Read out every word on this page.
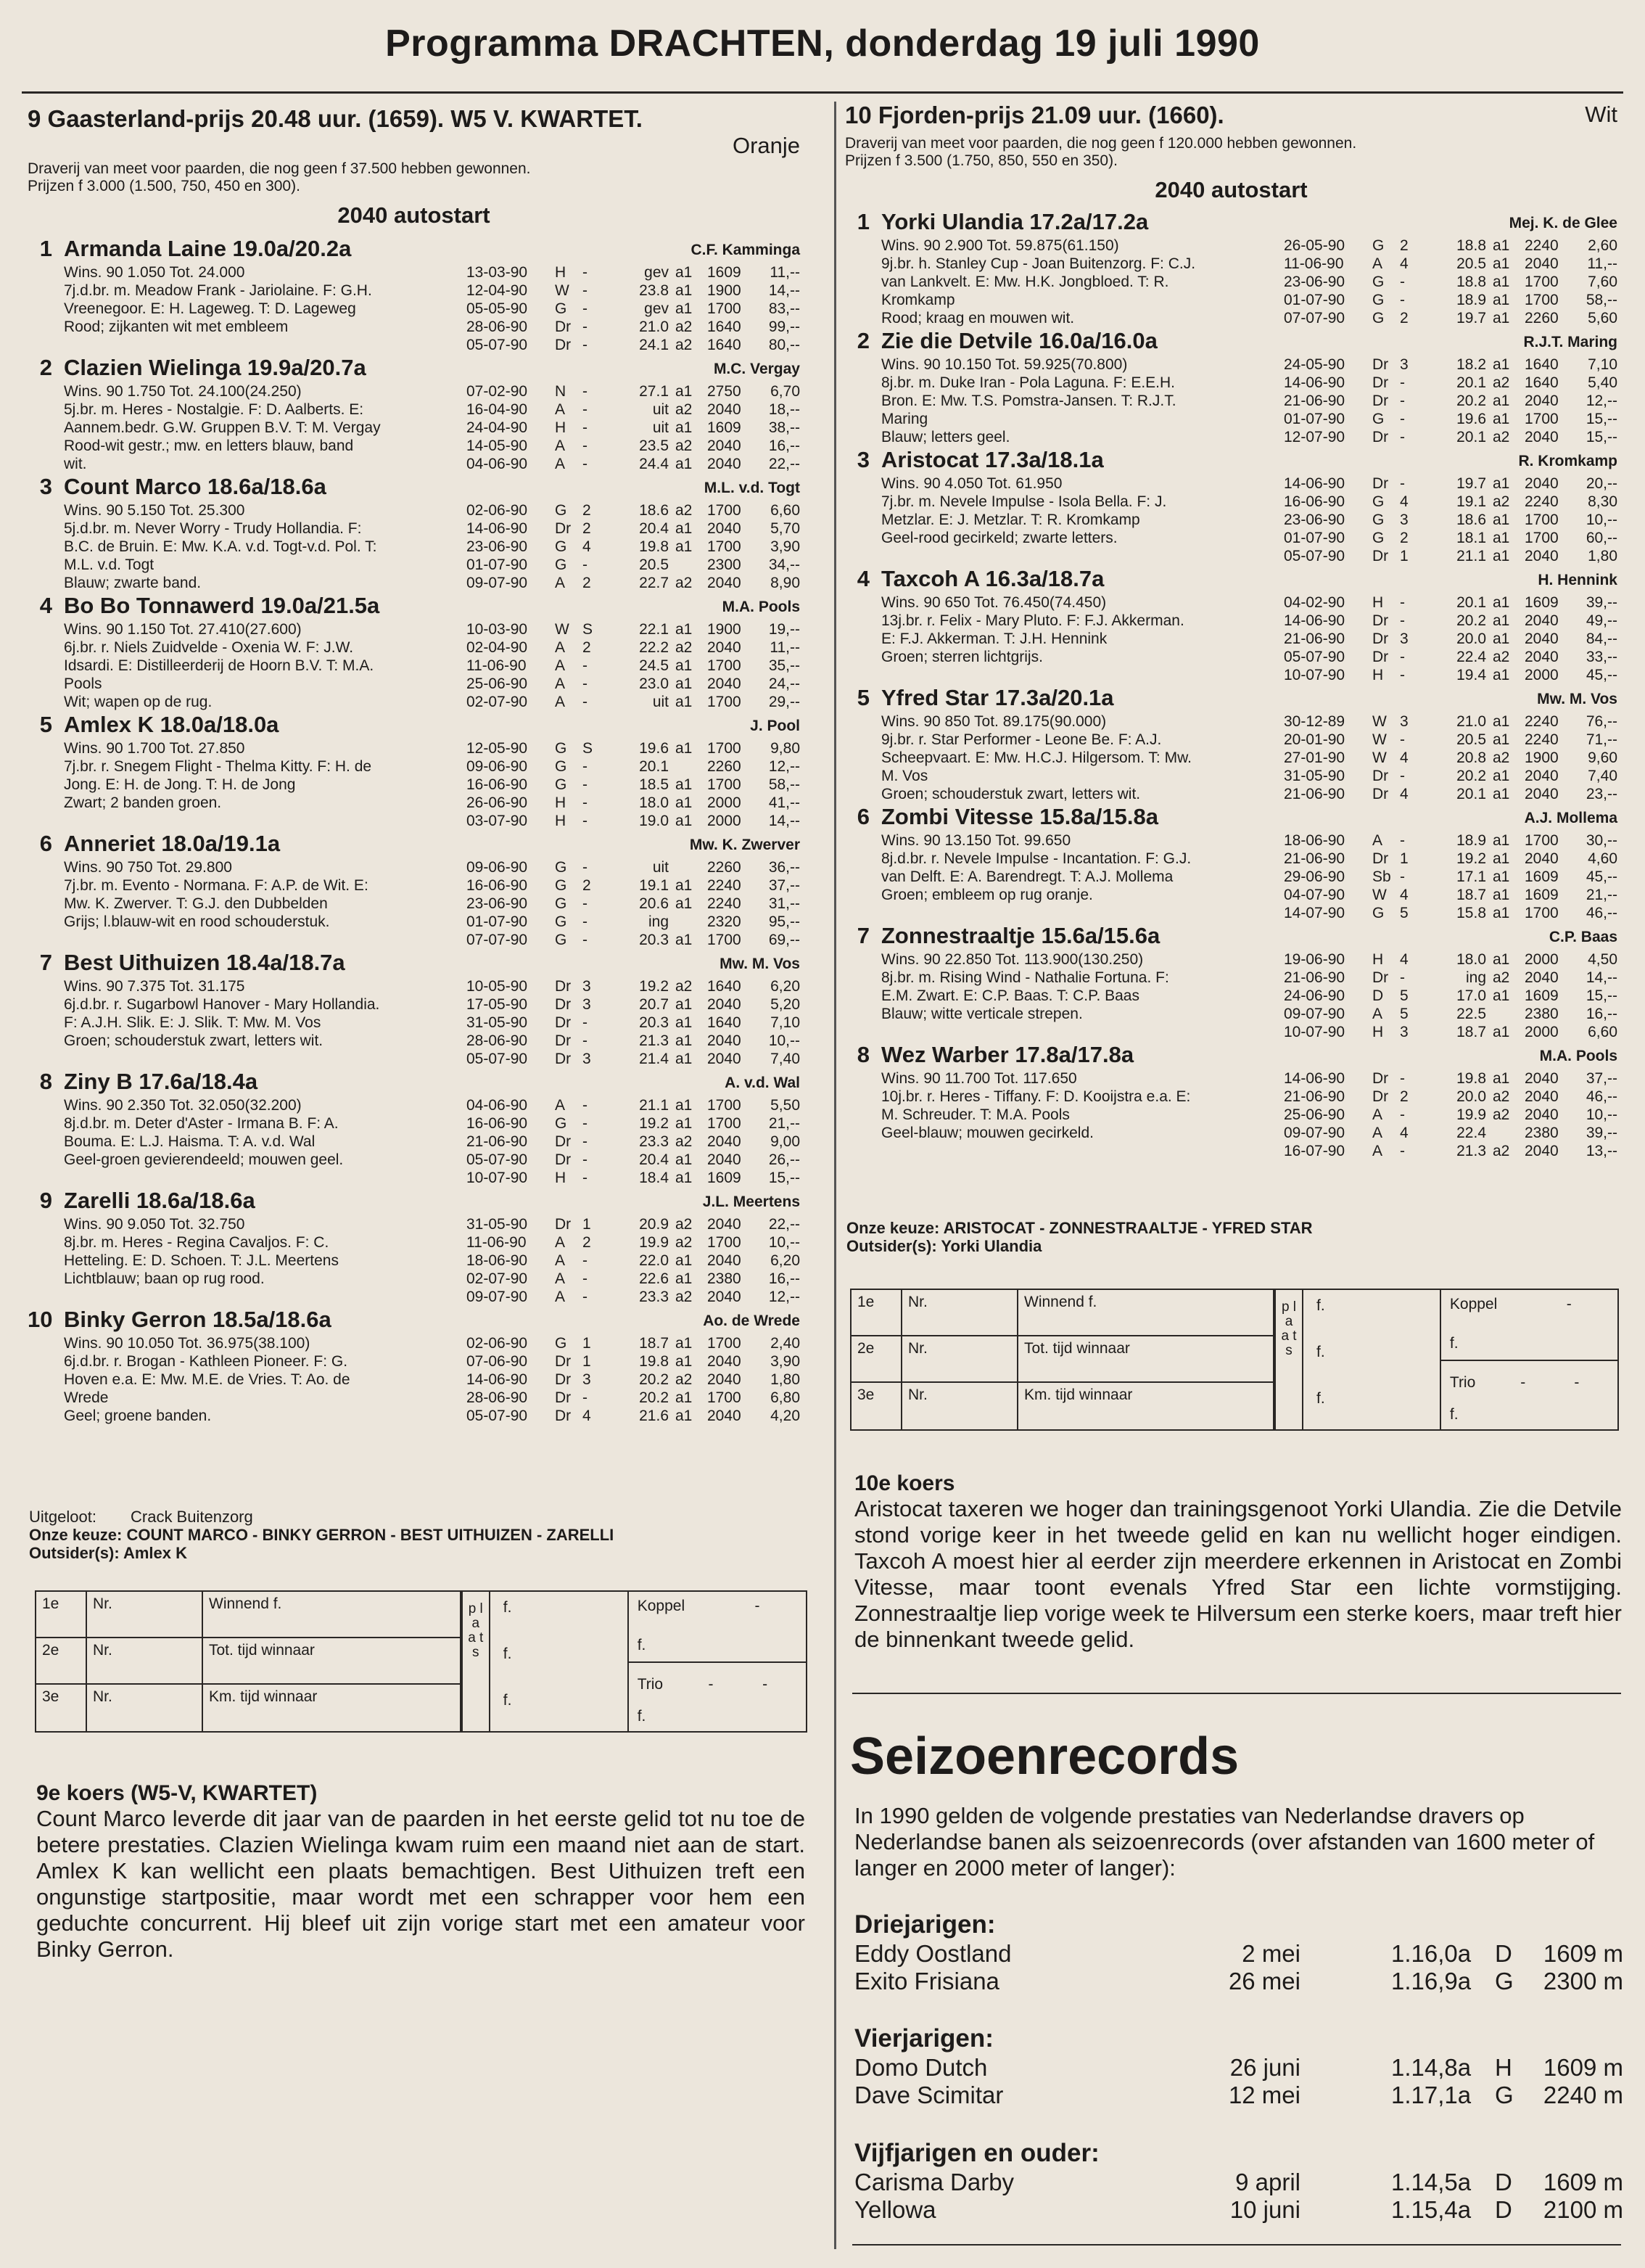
Programma DRACHTEN, donderdag 19 juli 1990
9 Gaasterland-prijs 20.48 uur. (1659). W5 V. KWARTET.
Oranje
Draverij van meet voor paarden, die nog geen f 37.500 hebben gewonnen.
Prijzen f 3.000 (1.500, 750, 450 en 300).
2040 autostart
1 Armanda Laine 19.0a/20.2a	C.F. Kamminga
Wins. 90 1.050 Tot. 24.000
7j.d.br. m. Meadow Frank - Jariolaine. F: G.H.
Vreenegoor. E: H. Lageweg. T: D. Lageweg
Rood; zijkanten wit met embleem
13-03-90 H -	gev a1 1609 11,--
12-04-90 W -	23.8 a1 1900 14,--
05-05-90 G -	gev a1 1700 83,--
28-06-90 Dr -	21.0 a2 1640 99,--
05-07-90 Dr -	24.1 a2 1640 80,--
2 Clazien Wielinga 19.9a/20.7a	M.C. Vergay
Wins. 90 1.750 Tot. 24.100(24.250)
5j.br. m. Heres - Nostalgie. F: D. Aalberts. E:
Aannem.bedr. G.W. Gruppen B.V. T: M. Vergay
Rood-wit gestr.; mw. en letters blauw, band
wit.
07-02-90 N -	27.1 a1 2750 6,70
16-04-90 A -	uit a2 2040 18,--
24-04-90 H -	uit a1 1609 38,--
14-05-90 A -	23.5 a2 2040 16,--
04-06-90 A -	24.4 a1 2040 22,--
3 Count Marco 18.6a/18.6a	M.L. v.d. Togt
Wins. 90 5.150 Tot. 25.300
5j.d.br. m. Never Worry - Trudy Hollandia. F:
B.C. de Bruin. E: Mw. K.A. v.d. Togt-v.d. Pol. T:
M.L. v.d. Togt
Blauw; zwarte band.
02-06-90 G 2	18.6 a2 1700 6,60
14-06-90 Dr 2	20.4 a1 2040 5,70
23-06-90 G 4	19.8 a1 1700 3,90
01-07-90 G -	20.5	2300 34,--
09-07-90 A 2	22.7 a2 2040 8,90
4 Bo Bo Tonnawerd 19.0a/21.5a	M.A. Pools
Wins. 90 1.150 Tot. 27.410(27.600)
6j.br. r. Niels Zuidvelde - Oxenia W. F: J.W.
Idsardi. E: Distilleerderij de Hoorn B.V. T: M.A.
Pools
Wit; wapen op de rug.
10-03-90 W S	22.1 a1 1900 19,--
02-04-90 A 2	22.2 a2 2040 11,--
11-06-90 A -	24.5 a1 1700 35,--
25-06-90 A -	23.0 a1 2040 24,--
02-07-90 A -	uit a1 1700 29,--
5 Amlex K 18.0a/18.0a	J. Pool
Wins. 90 1.700 Tot. 27.850
7j.br. r. Snegem Flight - Thelma Kitty. F: H. de
Jong. E: H. de Jong. T: H. de Jong
Zwart; 2 banden groen.
12-05-90 G S	19.6 a1 1700 9,80
09-06-90 G -	20.1	2260 12,--
16-06-90 G -	18.5 a1 1700 58,--
26-06-90 H -	18.0 a1 2000 41,--
03-07-90 H -	19.0 a1 2000 14,--
6 Anneriet 18.0a/19.1a	Mw. K. Zwerver
Wins. 90 750 Tot. 29.800
7j.br. m. Evento - Normana. F: A.P. de Wit. E:
Mw. K. Zwerver. T: G.J. den Dubbelden
Grijs; l.blauw-wit en rood schouderstuk.
09-06-90 G -	uit	2260 36,--
16-06-90 G 2	19.1 a1 2240 37,--
23-06-90 G -	20.6 a1 2240 31,--
01-07-90 G -	ing	2320 95,--
07-07-90 G -	20.3 a1 1700 69,--
7 Best Uithuizen 18.4a/18.7a	Mw. M. Vos
Wins. 90 7.375 Tot. 31.175
6j.d.br. r. Sugarbowl Hanover - Mary Hollandia.
F: A.J.H. Slik. E: J. Slik. T: Mw. M. Vos
Groen; schouderstuk zwart, letters wit.
10-05-90 Dr 3	19.2 a2 1640 6,20
17-05-90 Dr 3	20.7 a1 2040 5,20
31-05-90 Dr -	20.3 a1 1640 7,10
28-06-90 Dr -	21.3 a1 2040 10,--
05-07-90 Dr 3	21.4 a1 2040 7,40
8 Ziny B 17.6a/18.4a	A. v.d. Wal
Wins. 90 2.350 Tot. 32.050(32.200)
8j.d.br. m. Deter d'Aster - Irmana B. F: A.
Bouma. E: L.J. Haisma. T: A. v.d. Wal
Geel-groen gevierendeeld; mouwen geel.
04-06-90 A -	21.1 a1 1700 5,50
16-06-90 G -	19.2 a1 1700 21,--
21-06-90 Dr -	23.3 a2 2040 9,00
05-07-90 Dr -	20.4 a1 2040 26,--
10-07-90 H -	18.4 a1 1609 15,--
9 Zarelli 18.6a/18.6a	J.L. Meertens
Wins. 90 9.050 Tot. 32.750
8j.br. m. Heres - Regina Cavaljos. F: C.
Hetteling. E: D. Schoen. T: J.L. Meertens
Lichtblauw; baan op rug rood.
31-05-90 Dr 1	20.9 a2 2040 22,--
11-06-90 A 2	19.9 a2 1700 10,--
18-06-90 A -	22.0 a1 2040 6,20
02-07-90 A -	22.6 a1 2380 16,--
09-07-90 A -	23.3 a2 2040 12,--
10 Binky Gerron 18.5a/18.6a	Ao. de Wrede
Wins. 90 10.050 Tot. 36.975(38.100)
6j.d.br. r. Brogan - Kathleen Pioneer. F: G.
Hoven e.a. E: Mw. M.E. de Vries. T: Ao. de
Wrede
Geel; groene banden.
02-06-90 G 1	18.7 a1 1700 2,40
07-06-90 Dr 1	19.8 a1 2040 3,90
14-06-90 Dr 3	20.2 a2 2040 1,80
28-06-90 Dr -	20.2 a1 1700 6,80
05-07-90 Dr 4	21.6 a1 2040 4,20
Uitgeloot: Crack Buitenzorg
Onze keuze: COUNT MARCO - BINKY GERRON - BEST UITHUIZEN - ZARELLI
Outsider(s): Amlex K
1e	Nr.	Winnend f.
2e	Nr.	Tot. tijd winnaar
3e	Nr.	Km. tijd winnaar
p l a a t s
f.
f.
f.
Koppel	-
f.
Trio	-	-
f.
9e koers (W5-V, KWARTET)
Count Marco leverde dit jaar van de paarden in het eerste gelid tot nu toe de betere prestaties. Clazien Wielinga kwam ruim een maand niet aan de start. Amlex K kan wellicht een plaats bemachtigen. Best Uithuizen treft een ongunstige startpositie, maar wordt met een schrapper voor hem een geduchte concurrent. Hij bleef uit zijn vorige start met een amateur voor Binky Gerron.
10 Fjorden-prijs 21.09 uur. (1660).	Wit
Draverij van meet voor paarden, die nog geen f 120.000 hebben gewonnen.
Prijzen f 3.500 (1.750, 850, 550 en 350).
2040 autostart
1 Yorki Ulandia 17.2a/17.2a	Mej. K. de Glee
Wins. 90 2.900 Tot. 59.875(61.150)
9j.br. h. Stanley Cup - Joan Buitenzorg. F: C.J.
van Lankvelt. E: Mw. H.K. Jongbloed. T: R.
Kromkamp
Rood; kraag en mouwen wit.
26-05-90 G 2	18.8 a1 2240 2,60
11-06-90 A 4	20.5 a1 2040 11,--
23-06-90 G -	18.8 a1 1700 7,60
01-07-90 G -	18.9 a1 1700 58,--
07-07-90 G 2	19.7 a1 2260 5,60
2 Zie die Detvile 16.0a/16.0a	R.J.T. Maring
Wins. 90 10.150 Tot. 59.925(70.800)
8j.br. m. Duke Iran - Pola Laguna. F: E.E.H.
Bron. E: Mw. T.S. Pomstra-Jansen. T: R.J.T.
Maring
Blauw; letters geel.
24-05-90 Dr 3	18.2 a1 1640 7,10
14-06-90 Dr -	20.1 a2 1640 5,40
21-06-90 Dr -	20.2 a1 2040 12,--
01-07-90 G -	19.6 a1 1700 15,--
12-07-90 Dr -	20.1 a2 2040 15,--
3 Aristocat 17.3a/18.1a	R. Kromkamp
Wins. 90 4.050 Tot. 61.950
7j.br. m. Nevele Impulse - Isola Bella. F: J.
Metzlar. E: J. Metzlar. T: R. Kromkamp
Geel-rood gecirkeld; zwarte letters.
14-06-90 Dr -	19.7 a1 2040 20,--
16-06-90 G 4	19.1 a2 2240 8,30
23-06-90 G 3	18.6 a1 1700 10,--
01-07-90 G 2	18.1 a1 1700 60,--
05-07-90 Dr 1	21.1 a1 2040 1,80
4 Taxcoh A 16.3a/18.7a	H. Hennink
Wins. 90 650 Tot. 76.450(74.450)
13j.br. r. Felix - Mary Pluto. F: F.J. Akkerman.
E: F.J. Akkerman. T: J.H. Hennink
Groen; sterren lichtgrijs.
04-02-90 H -	20.1 a1 1609 39,--
14-06-90 Dr -	20.2 a1 2040 49,--
21-06-90 Dr 3	20.0 a1 2040 84,--
05-07-90 Dr -	22.4 a2 2040 33,--
10-07-90 H -	19.4 a1 2000 45,--
5 Yfred Star 17.3a/20.1a	Mw. M. Vos
Wins. 90 850 Tot. 89.175(90.000)
9j.br. r. Star Performer - Leone Be. F: A.J.
Scheepvaart. E: Mw. H.C.J. Hilgersom. T: Mw.
M. Vos
Groen; schouderstuk zwart, letters wit.
30-12-89 W 3	21.0 a1 2240 76,--
20-01-90 W -	20.5 a1 2240 71,--
27-01-90 W 4	20.8 a2 1900 9,60
31-05-90 Dr -	20.2 a1 2040 7,40
21-06-90 Dr 4	20.1 a1 2040 23,--
6 Zombi Vitesse 15.8a/15.8a	A.J. Mollema
Wins. 90 13.150 Tot. 99.650
8j.d.br. r. Nevele Impulse - Incantation. F: G.J.
van Delft. E: A. Barendregt. T: A.J. Mollema
Groen; embleem op rug oranje.
18-06-90 A -	18.9 a1 1700 30,--
21-06-90 Dr 1	19.2 a1 2040 4,60
29-06-90 Sb -	17.1 a1 1609 45,--
04-07-90 W 4	18.7 a1 1609 21,--
14-07-90 G 5	15.8 a1 1700 46,--
7 Zonnestraaltje 15.6a/15.6a	C.P. Baas
Wins. 90 22.850 Tot. 113.900(130.250)
8j.br. m. Rising Wind - Nathalie Fortuna. F:
E.M. Zwart. E: C.P. Baas. T: C.P. Baas
Blauw; witte verticale strepen.
19-06-90 H 4	18.0 a1 2000 4,50
21-06-90 Dr -	ing a2 2040 14,--
24-06-90 D 5	17.0 a1 1609 15,--
09-07-90 A 5	22.5	2380 16,--
10-07-90 H 3	18.7 a1 2000 6,60
8 Wez Warber 17.8a/17.8a	M.A. Pools
Wins. 90 11.700 Tot. 117.650
10j.br. r. Heres - Tiffany. F: D. Kooijstra e.a. E:
M. Schreuder. T: M.A. Pools
Geel-blauw; mouwen gecirkeld.
14-06-90 Dr -	19.8 a1 2040 37,--
21-06-90 Dr 2	20.0 a2 2040 46,--
25-06-90 A -	19.9 a2 2040 10,--
09-07-90 A 4	22.4	2380 39,--
16-07-90 A -	21.3 a2 2040 13,--
Onze keuze: ARISTOCAT - ZONNESTRAALTJE - YFRED STAR
Outsider(s): Yorki Ulandia
1e	Nr.	Winnend f.
2e	Nr.	Tot. tijd winnaar
3e	Nr.	Km. tijd winnaar
p l a a t s
f.
f.
f.
Koppel	-
f.
Trio	-	-
f.
10e koers
Aristocat taxeren we hoger dan trainingsgenoot Yorki Ulandia. Zie die Detvile stond vorige keer in het tweede gelid en kan nu wellicht hoger eindigen. Taxcoh A moest hier al eerder zijn meerdere erkennen in Aristocat en Zombi Vitesse, maar toont evenals Yfred Star een lichte vormstijging. Zonnestraaltje liep vorige week te Hilversum een sterke koers, maar treft hier de binnenkant tweede gelid.
Seizoenrecords
In 1990 gelden de volgende prestaties van Nederlandse dravers op Nederlandse banen als seizoenrecords (over afstanden van 1600 meter of langer en 2000 meter of langer):
Driejarigen:
Eddy Oostland	2 mei	1.16,0a D 1609 m
Exito Frisiana	26 mei	1.16,9a G 2300 m
Vierjarigen:
Domo Dutch	26 juni	1.14,8a H 1609 m
Dave Scimitar	12 mei	1.17,1a G 2240 m
Vijfjarigen en ouder:
Carisma Darby	9 april	1.14,5a D 1609 m
Yellowa	10 juni	1.15,4a D 2100 m
